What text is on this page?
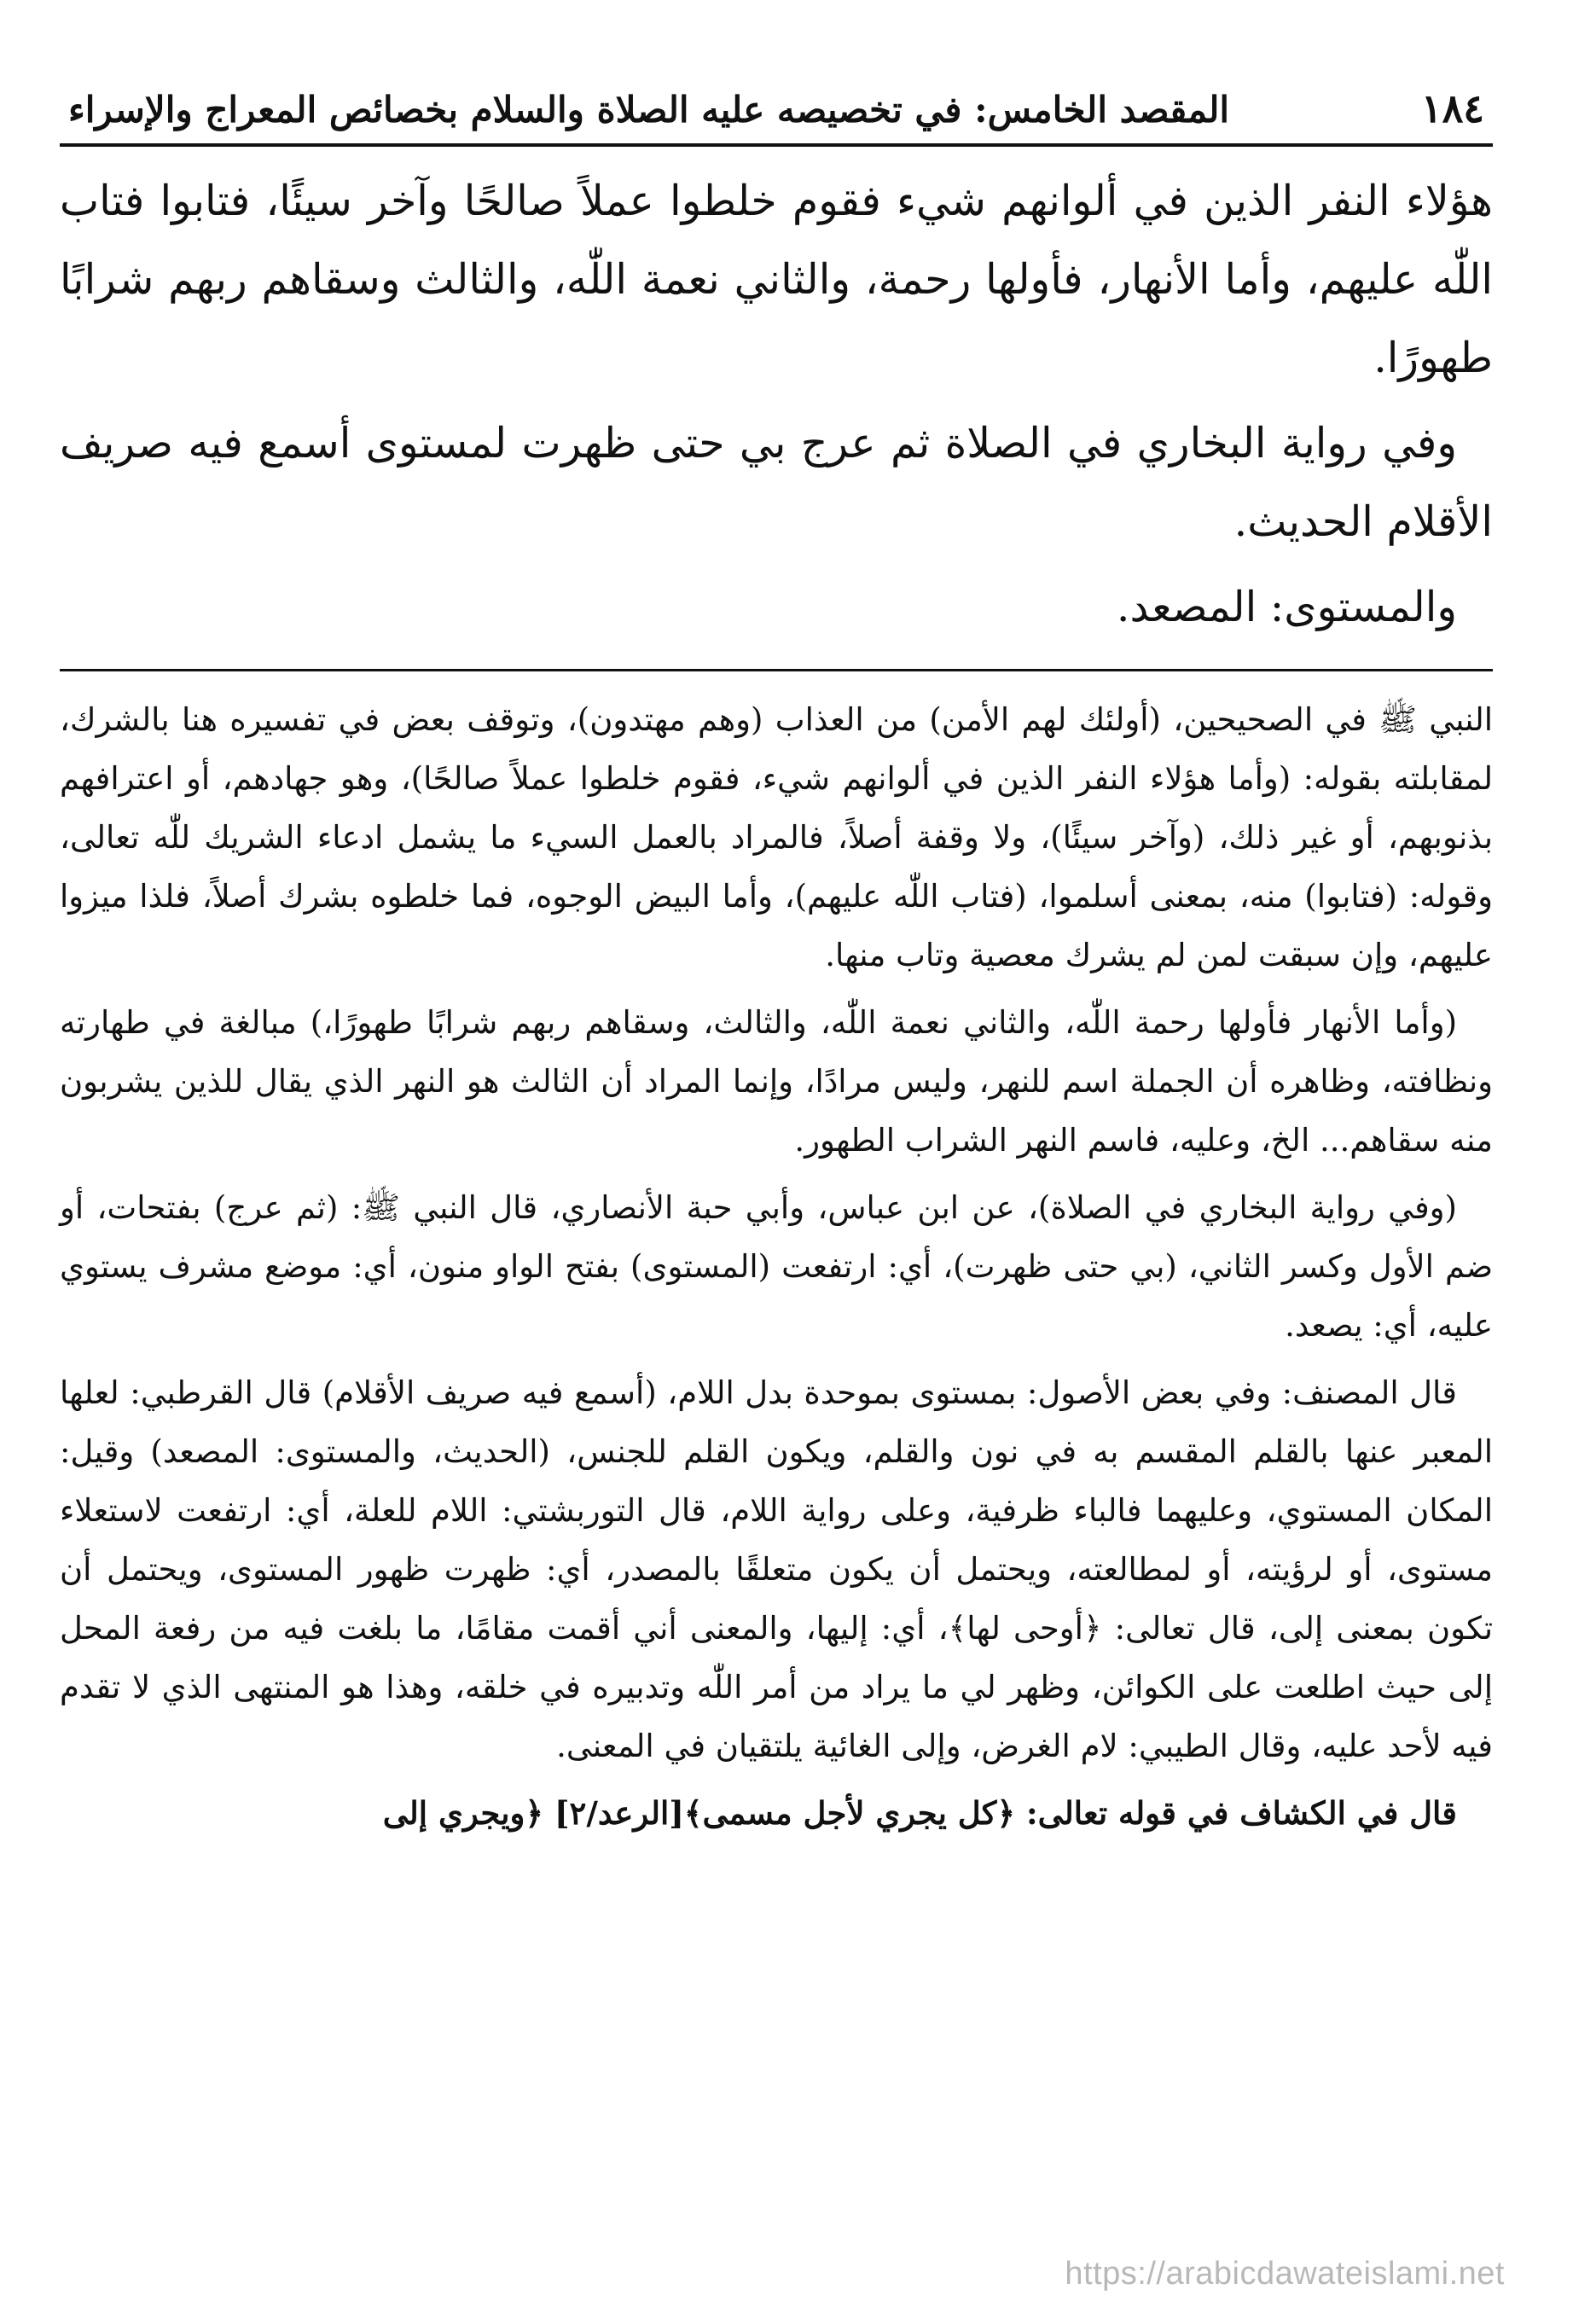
١٨٤
المقصد الخامس: في تخصيصه عليه الصلاة والسلام بخصائص المعراج والإسراء

هؤلاء النفر الذين في ألوانهم شيء فقوم خلطوا عملاً صالحًا وآخر سيئًا، فتابوا فتاب اللّٰه عليهم، وأما الأنهار، فأولها رحمة، والثاني نعمة اللّٰه، والثالث وسقاهم ربهم شرابًا طهورًا.

وفي رواية البخاري في الصلاة ثم عرج بي حتى ظهرت لمستوى أسمع فيه صريف الأقلام الحديث.

والمستوى: المصعد.

النبي ﷺ في الصحيحين، (أولئك لهم الأمن) من العذاب (وهم مهتدون)، وتوقف بعض في تفسيره هنا بالشرك، لمقابلته بقوله: (وأما هؤلاء النفر الذين في ألوانهم شيء، فقوم خلطوا عملاً صالحًا)، وهو جهادهم، أو اعترافهم بذنوبهم، أو غير ذلك، (وآخر سيئًا)، ولا وقفة أصلاً، فالمراد بالعمل السيء ما يشمل ادعاء الشريك للّٰه تعالى، وقوله: (فتابوا) منه، بمعنى أسلموا، (فتاب اللّٰه عليهم)، وأما البيض الوجوه، فما خلطوه بشرك أصلاً، فلذا ميزوا عليهم، وإن سبقت لمن لم يشرك معصية وتاب منها.

(وأما الأنهار فأولها رحمة اللّٰه، والثاني نعمة اللّٰه، والثالث، وسقاهم ربهم شرابًا طهورًا،) مبالغة في طهارته ونظافته، وظاهره أن الجملة اسم للنهر، وليس مرادًا، وإنما المراد أن الثالث هو النهر الذي يقال للذين يشربون منه سقاهم... الخ، وعليه، فاسم النهر الشراب الطهور.

(وفي رواية البخاري في الصلاة)، عن ابن عباس، وأبي حبة الأنصاري، قال النبي ﷺ: (ثم عرج) بفتحات، أو ضم الأول وكسر الثاني، (بي حتى ظهرت)، أي: ارتفعت (المستوى) بفتح الواو منون، أي: موضع مشرف يستوي عليه، أي: يصعد.

قال المصنف: وفي بعض الأصول: بمستوى بموحدة بدل اللام، (أسمع فيه صريف الأقلام) قال القرطبي: لعلها المعبر عنها بالقلم المقسم به في نون والقلم، ويكون القلم للجنس، (الحديث، والمستوى: المصعد) وقيل: المكان المستوي، وعليهما فالباء ظرفية، وعلى رواية اللام، قال التوربشتي: اللام للعلة، أي: ارتفعت لاستعلاء مستوى، أو لرؤيته، أو لمطالعته، ويحتمل أن يكون متعلقًا بالمصدر، أي: ظهرت ظهور المستوى، ويحتمل أن تكون بمعنى إلى، قال تعالى: ﴿أوحى لها﴾، أي: إليها، والمعنى أني أقمت مقامًا، ما بلغت فيه من رفعة المحل إلى حيث اطلعت على الكوائن، وظهر لي ما يراد من أمر اللّٰه وتدبيره في خلقه، وهذا هو المنتهى الذي لا تقدم فيه لأحد عليه، وقال الطيبي: لام الغرض، وإلى الغائية يلتقيان في المعنى.

قال في الكشاف في قوله تعالى: ﴿كل يجري لأجل مسمى﴾[الرعد/٢] ﴿ويجري إلى

https://arabicdawateislami.net
